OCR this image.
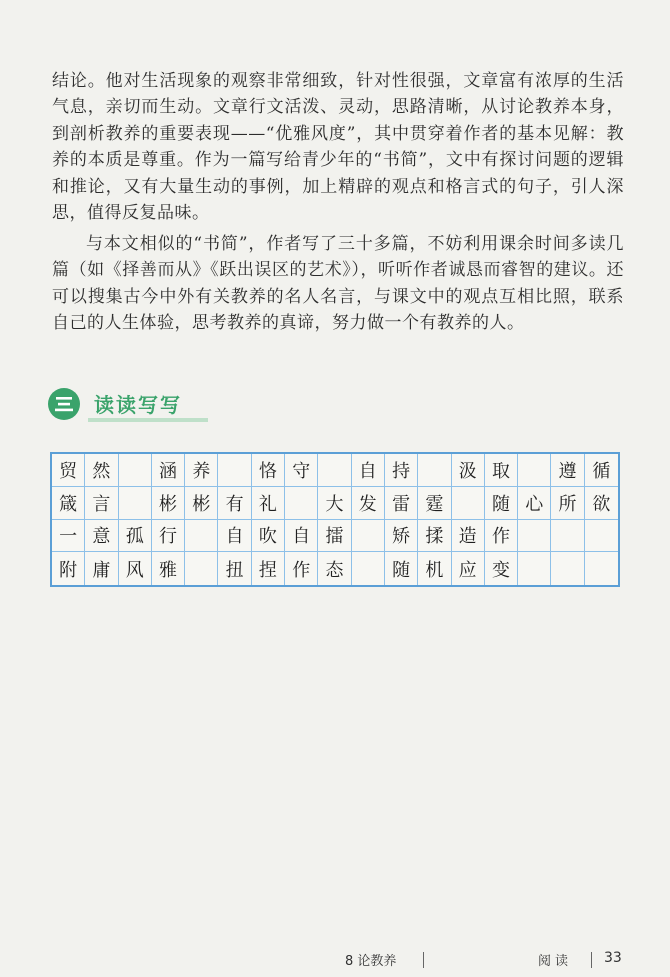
结论。他对生活现象的观察非常细致，针对性很强，文章富有浓厚的生活气息，亲切而生动。文章行文活泼、灵动，思路清晰，从讨论教养本身，到剖析教养的重要表现——“优雅风度”，其中贯穿着作者的基本见解：教养的本质是尊重。作为一篇写给青少年的“书简”，文中有探讨问题的逻辑和推论，又有大量生动的事例，加上精辟的观点和格言式的句子，引人深思，值得反复品味。

与本文相似的“书简”，作者写了三十多篇，不妨利用课余时间多读几篇（如《择善而从》《跃出误区的艺术》），听听作者诚恳而睿智的建议。还可以搜集古今中外有关教养的名人名言，与课文中的观点互相比照，联系自己的人生体验，思考教养的真谛，努力做一个有教养的人。

读读写写
贸 然	涵 养	恪 守	自 持	汲 取	遵 循
箴 言	彬 彬 有 礼	大 发 雷 霆	随 心 所 欲
一 意 孤 行	自 吹 自 擂	矫 揉 造 作
附 庸 风 雅	扭 捏 作 态	随 机 应 变
8 论教养	阅读 33
